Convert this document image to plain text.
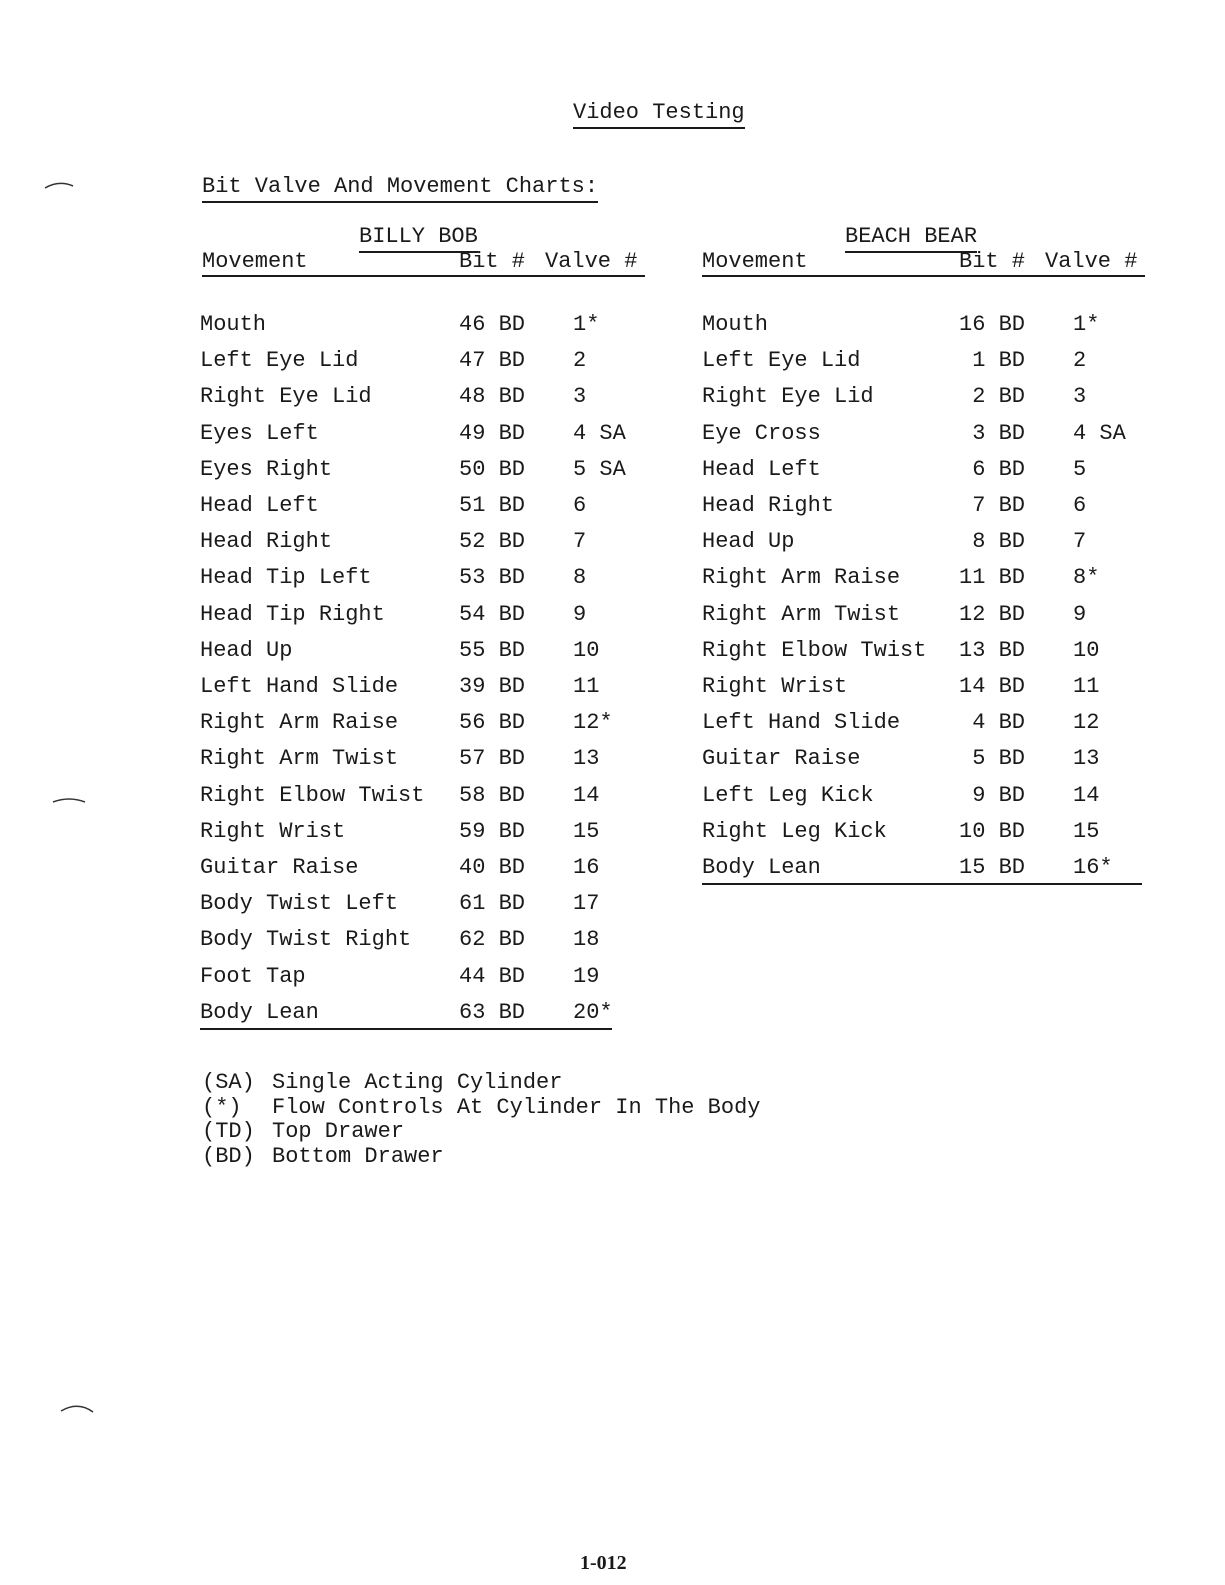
Video Testing
Bit Valve And Movement Charts:
BILLY BOB
Movement	Bit # Valve #
Mouth	46 BD 1*
Left Eye Lid	47 BD 2
Right Eye Lid	48 BD 3
Eyes Left	49 BD 4 SA
Eyes Right	50 BD 5 SA
Head Left	51 BD 6
Head Right	52 BD 7
Head Tip Left	53 BD 8
Head Tip Right	54 BD 9
Head Up	55 BD 10
Left Hand Slide	39 BD 11
Right Arm Raise	56 BD 12*
Right Arm Twist	57 BD 13
Right Elbow Twist 58 BD 14
Right Wrist	59 BD 15
Guitar Raise	40 BD 16
Body Twist Left	61 BD 17
Body Twist Right 62 BD 18
Foot Tap	44 BD 19
Body Lean	63 BD 20*
BEACH BEAR
Movement	Bit # Valve #
Mouth	16 BD 1*
Left Eye Lid	1 BD 2
Right Eye Lid	2 BD 3
Eye Cross	3 BD 4 SA
Head Left	6 BD 5
Head Right	7 BD 6
Head Up	8 BD 7
Right Arm Raise	11 BD 8*
Right Arm Twist	12 BD 9
Right Elbow Twist 13 BD 10
Right Wrist	14 BD 11
Left Hand Slide	4 BD 12
Guitar Raise	5 BD 13
Left Leg Kick	9 BD 14
Right Leg Kick	10 BD 15
Body Lean	15 BD 16*
(SA) Single Acting Cylinder
(*) Flow Controls At Cylinder In The Body
(TD) Top Drawer
(BD) Bottom Drawer
1-012
